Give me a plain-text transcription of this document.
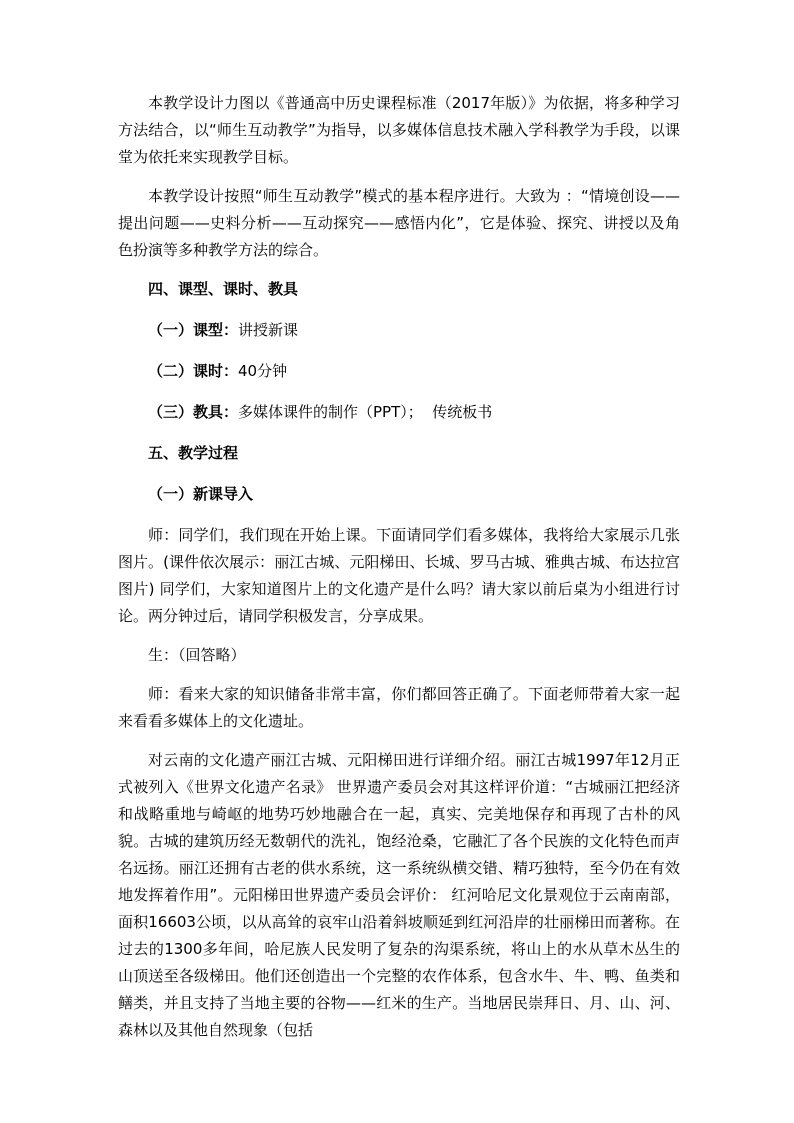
本教学设计力图以《普通高中历史课程标准（2017年版）》为依据，将多种学习方法结合，以“师生互动教学”为指导，以多媒体信息技术融入学科教学为手段，以课堂为依托来实现教学目标。

本教学设计按照“师生互动教学”模式的基本程序进行。大致为 ：“情境创设——提出问题——史料分析——互动探究——感悟内化”，它是体验、探究、讲授以及角色扮演等多种教学方法的综合。

四、课型、课时、教具
（一）课型：讲授新课
（二）课时：40分钟
（三）教具：多媒体课件的制作（PPT）；  传统板书
五、教学过程
（一）新课导入

师：同学们，我们现在开始上课。下面请同学们看多媒体，我将给大家展示几张图片。(课件依次展示：丽江古城、元阳梯田、长城、罗马古城、雅典古城、布达拉宫图片) 同学们，大家知道图片上的文化遗产是什么吗？请大家以前后桌为小组进行讨论。两分钟过后，请同学积极发言，分享成果。

生：（回答略）

师：看来大家的知识储备非常丰富，你们都回答正确了。下面老师带着大家一起来看看多媒体上的文化遗址。

对云南的文化遗产丽江古城、元阳梯田进行详细介绍。丽江古城1997年12月正式被列入《世界文化遗产名录》 世界遗产委员会对其这样评价道：“古城丽江把经济和战略重地与崎岖的地势巧妙地融合在一起，真实、完美地保存和再现了古朴的风貌。古城的建筑历经无数朝代的洗礼，饱经沧桑，它融汇了各个民族的文化特色而声名远扬。丽江还拥有古老的供水系统，这一系统纵横交错、精巧独特，至今仍在有效地发挥着作用”。元阳梯田世界遗产委员会评价： 红河哈尼文化景观位于云南南部，面积16603公顷，以从高耸的哀牢山沿着斜坡顺延到红河沿岸的壮丽梯田而著称。在过去的1300多年间，哈尼族人民发明了复杂的沟渠系统，将山上的水从草木丛生的山顶送至各级梯田。他们还创造出一个完整的农作体系，包含水牛、牛、鸭、鱼类和鳝类，并且支持了当地主要的谷物——红米的生产。当地居民崇拜日、月、山、河、森林以及其他自然现象（包括
